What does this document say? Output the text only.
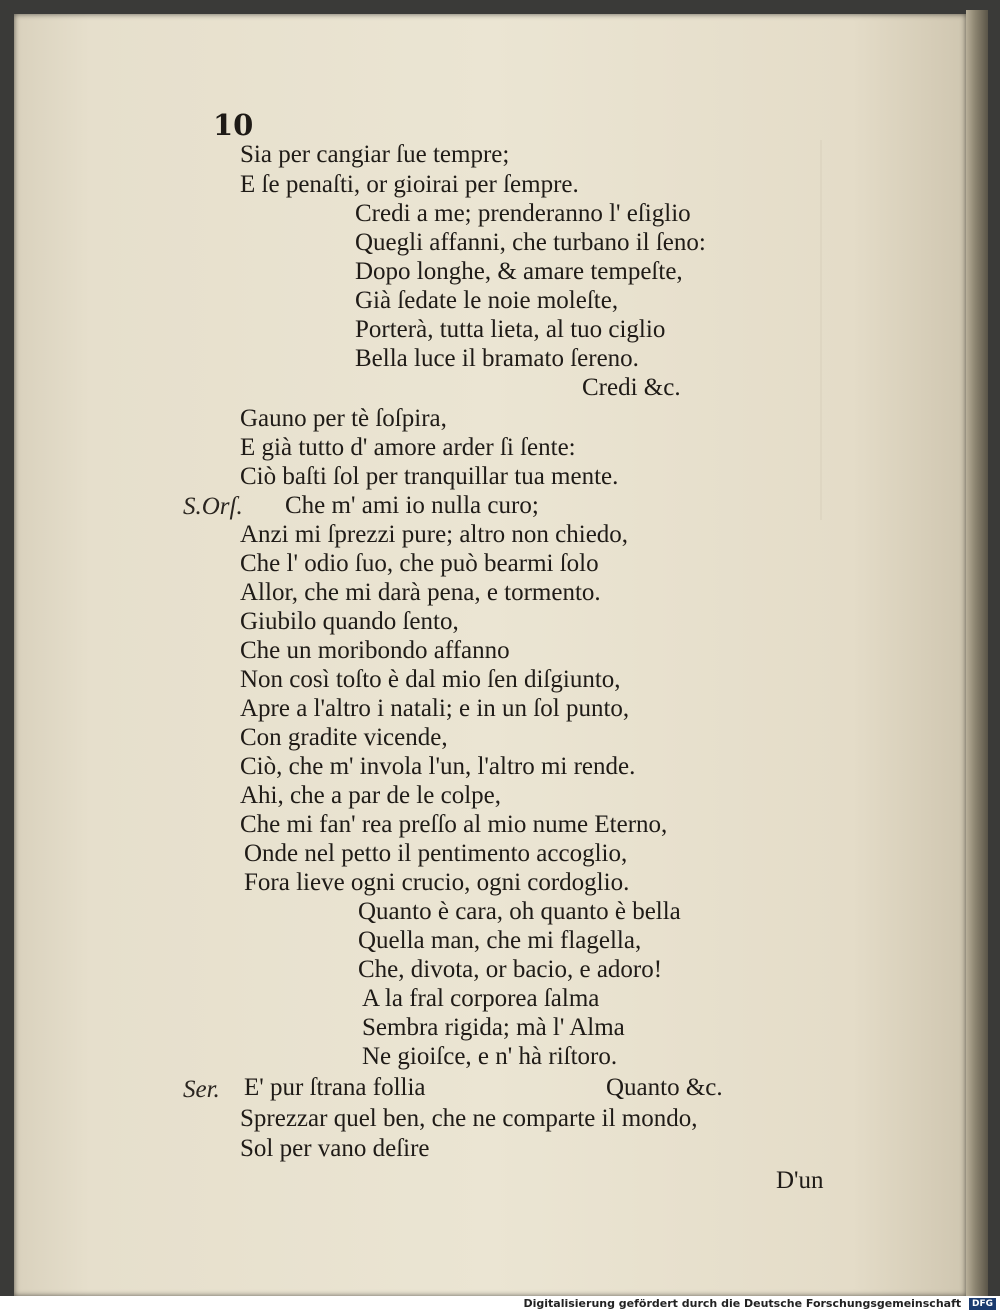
10
Sia per cangiar ſue tempre;
E ſe penaſti, or gioirai per ſempre.
Credi a me; prenderanno l' eſiglio
Quegli affanni, che turbano il ſeno:
Dopo longhe, & amare tempeſte,
Già ſedate le noie moleſte,
Porterà, tutta lieta, al tuo ciglio
Bella luce il bramato ſereno.
Credi &c.
Gauno per tè ſoſpira,
E già tutto d' amore arder ſi ſente:
Ciò baſti ſol per tranquillar tua mente.
S.Orſ. Che m' ami io nulla curo;
Anzi mi ſprezzi pure; altro non chiedo,
Che l' odio ſuo, che può bearmi ſolo
Allor, che mi darà pena, e tormento.
Giubilo quando ſento,
Che un moribondo affanno
Non così toſto è dal mio ſen diſgiunto,
Apre a l'altro i natali; e in un ſol punto,
Con gradite vicende,
Ciò, che m' invola l'un, l'altro mi rende.
Ahi, che a par de le colpe,
Che mi fan' rea preſſo al mio nume Eterno,
Onde nel petto il pentimento accoglio,
Fora lieve ogni crucio, ogni cordoglio.
Quanto è cara, oh quanto è bella
Quella man, che mi flagella,
Che, divota, or bacio, e adoro!
A la fral corporea ſalma
Sembra rigida; mà l' Alma
Ne gioiſce, e n' hà riſtoro.
Ser. E' pur ſtrana follia	Quanto &c.
Sprezzar quel ben, che ne comparte il mondo,
Sol per vano deſire
D'un
Digitalisierung gefördert durch die Deutsche Forschungsgemeinschaft DFG
